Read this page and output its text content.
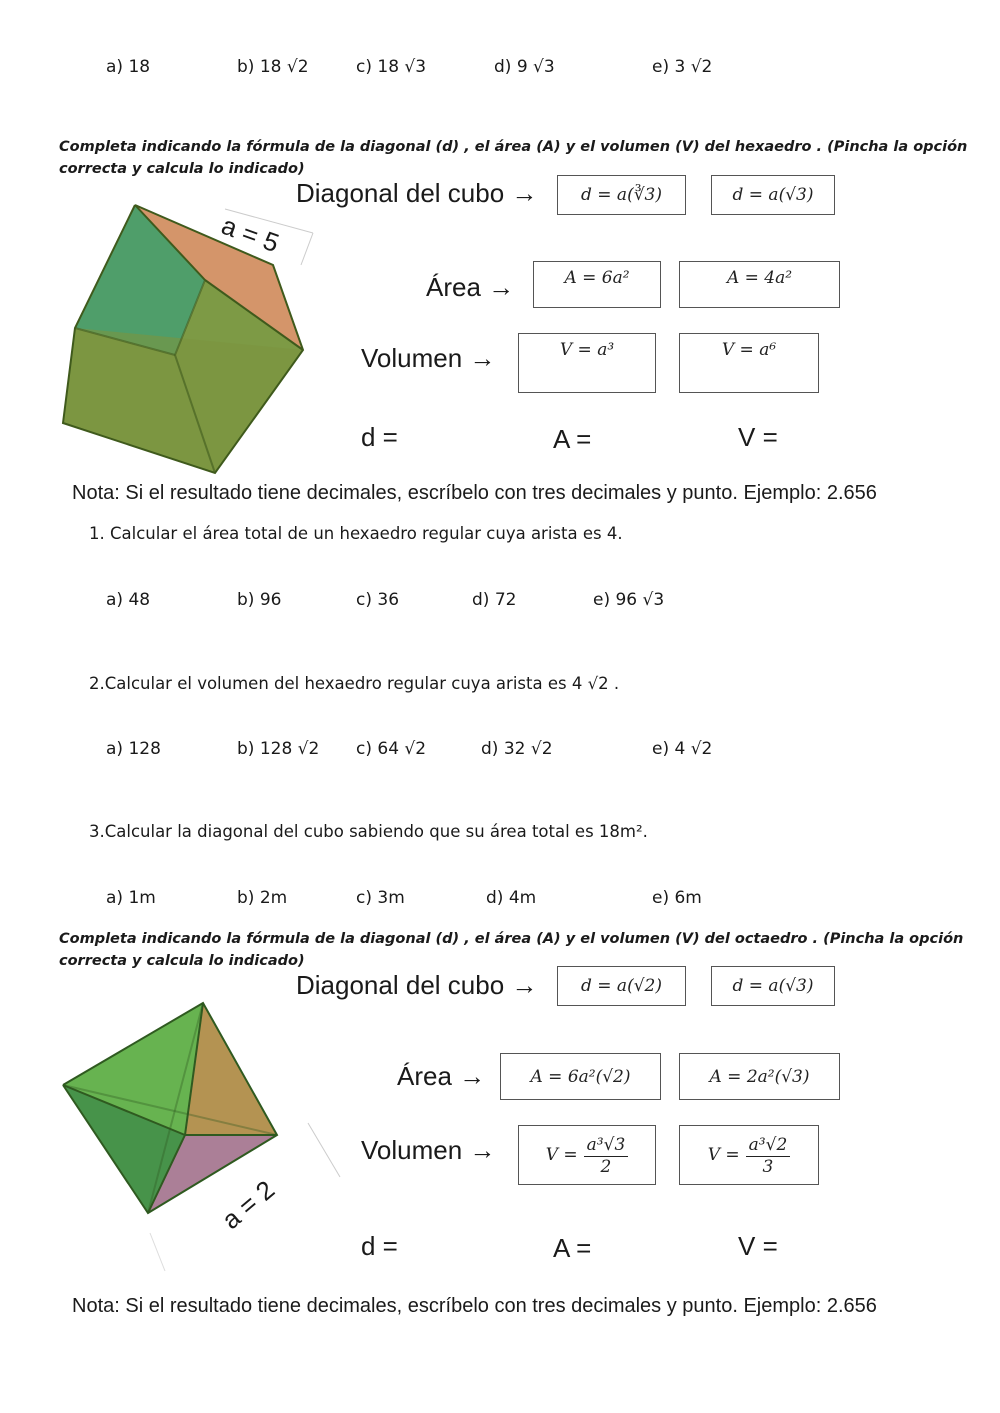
a) 18	b) 18 √2	c) 18 √3	d) 9 √3	e) 3 √2
Completa indicando la fórmula de la diagonal (d) , el área (A) y el volumen (V) del hexaedro . (Pincha la opción
correcta y calcula lo indicado)
a = 5
Diagonal del cubo →	d = a(∛3)	d = a(√3)
Área →	A = 6a²	A = 4a²
Volumen →	V = a³	V = a⁶
d =	A =	V =
Nota: Si el resultado tiene decimales, escríbelo con tres decimales y punto. Ejemplo: 2.656
1. Calcular el área total de un hexaedro regular cuya arista es 4.
a) 48	b) 96	c) 36	d) 72	e) 96 √3
2.Calcular el volumen del hexaedro regular cuya arista es 4 √2 .
a) 128	b) 128 √2 c) 64 √2	d) 32 √2	e) 4 √2
3.Calcular la diagonal del cubo sabiendo que su área total es 18m².
a) 1m	b) 2m	c) 3m	d) 4m	e) 6m
Completa indicando la fórmula de la diagonal (d) , el área (A) y el volumen (V) del octaedro . (Pincha la opción
correcta y calcula lo indicado)
a = 2
Diagonal del cubo →	d = a(√2)	d = a(√3)
Área →	A = 6a²(√2)	A = 2a²(√3)
Volumen →	$V = \frac{\text{a³√3}}{2}$	$V = \frac{\text{a³√2}}{3}$
d =	A =	V =
Nota: Si el resultado tiene decimales, escríbelo con tres decimales y punto. Ejemplo: 2.656
